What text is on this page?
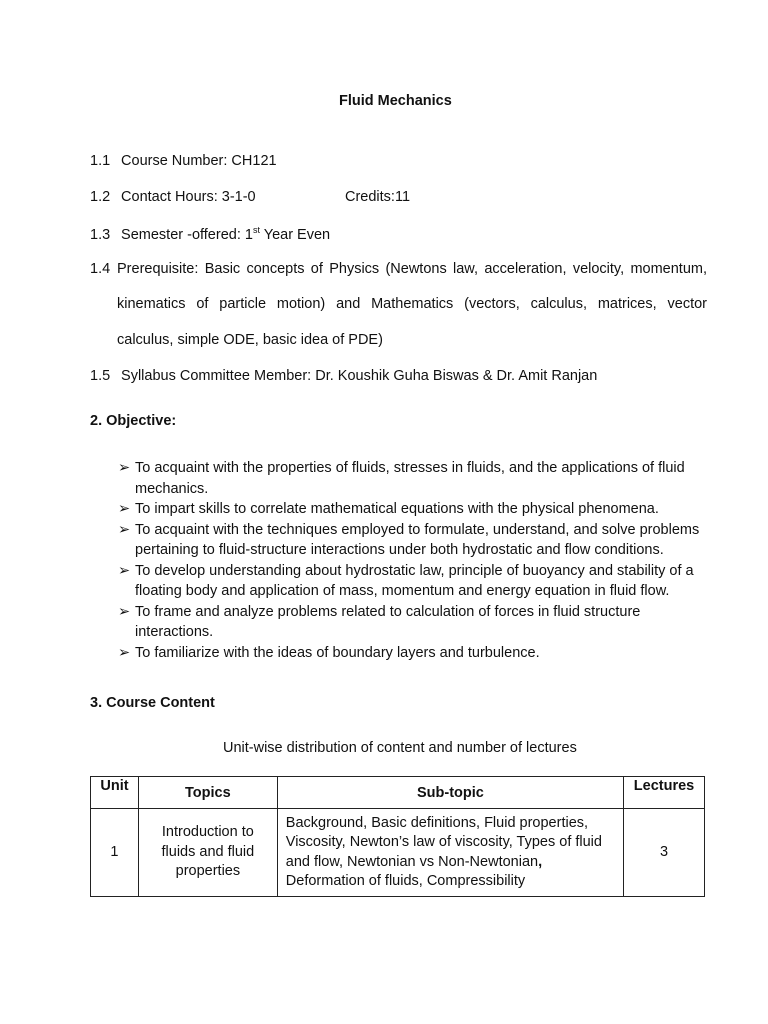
Fluid Mechanics
1.1 Course Number: CH121
1.2 Contact Hours: 3-1-0	Credits:11
1.3 Semester -offered: 1st Year Even
1.4 Prerequisite: Basic concepts of Physics (Newtons law, acceleration, velocity, momentum,
kinematics of particle motion) and Mathematics (vectors, calculus, matrices, vector
calculus, simple ODE, basic idea of PDE)
1.5 Syllabus Committee Member: Dr. Koushik Guha Biswas & Dr. Amit Ranjan
2. Objective:
➢ To acquaint with the properties of fluids, stresses in fluids, and the applications of fluid mechanics.
➢ To impart skills to correlate mathematical equations with the physical phenomena.
➢ To acquaint with the techniques employed to formulate, understand, and solve problems pertaining to fluid-structure interactions under both hydrostatic and flow conditions.
➢ To develop understanding about hydrostatic law, principle of buoyancy and stability of a floating body and application of mass, momentum and energy equation in fluid flow.
➢ To frame and analyze problems related to calculation of forces in fluid structure interactions.
➢ To familiarize with the ideas of boundary layers and turbulence.
3. Course Content
Unit-wise distribution of content and number of lectures
Unit	Topics	Sub-topic	Lectures
1	Introduction to fluids and fluid properties	Background, Basic definitions, Fluid properties, Viscosity, Newton’s law of viscosity, Types of fluid and flow, Newtonian vs Non-Newtonian, Deformation of fluids, Compressibility	3
